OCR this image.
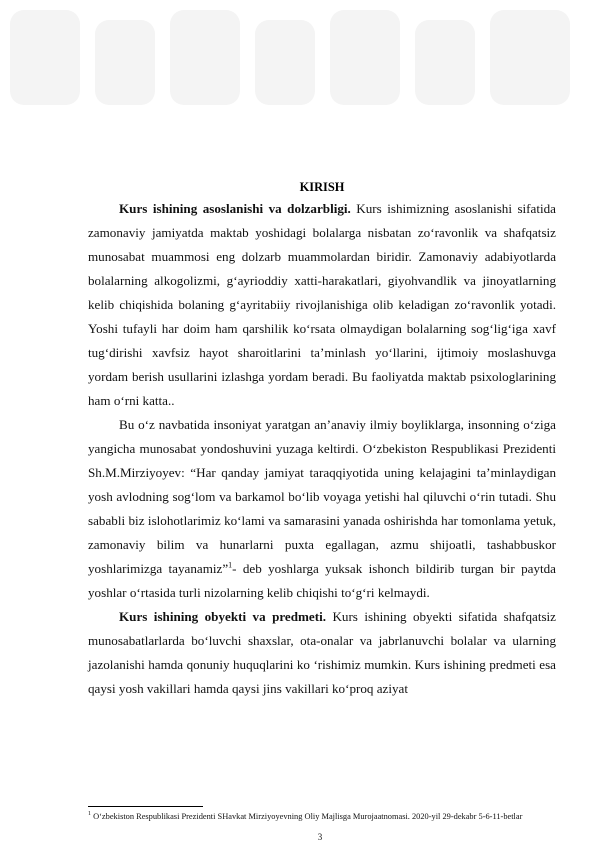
KIRISH

Kurs ishining asoslanishi va dolzarbligi. Kurs ishimizning asoslanishi sifatida zamonaviy jamiyatda maktab yoshidagi bolalarga nisbatan zo‘ravonlik va shafqatsiz munosabat muammosi eng dolzarb muammolardan biridir. Zamonaviy adabiyotlarda bolalarning alkogolizmi, g‘ayrioddiy xatti-harakatlari, giyohvandlik va jinoyatlarning kelib chiqishida bolaning g‘ayritabiiy rivojlanishiga olib keladigan zo‘ravonlik yotadi. Yoshi tufayli har doim ham qarshilik ko‘rsata olmaydigan bolalarning sog‘lig‘iga xavf tug‘dirishi xavfsiz hayot sharoitlarini ta’minlash yo‘llarini, ijtimoiy moslashuvga yordam berish usullarini izlashga yordam beradi. Bu faoliyatda maktab psixologlarining ham o‘rni katta..

Bu o‘z navbatida insoniyat yaratgan an’anaviy ilmiy boyliklarga, insonning o‘ziga yangicha munosabat yondoshuvini yuzaga keltirdi. O‘zbekiston Respublikasi Prezidenti Sh.M.Mirziyoyev: “Har qanday jamiyat taraqqiyotida uning kelajagini ta’minlaydigan yosh avlodning sog‘lom va barkamol bo‘lib voyaga yetishi hal qiluvchi o‘rin tutadi. Shu sababli biz islohotlarimiz ko‘lami va samarasini yanada oshirishda har tomonlama yetuk, zamonaviy bilim va hunarlarni puxta egallagan, azmu shijoatli, tashabbuskor yoshlarimizga tayanamiz”$^1$- deb yoshlarga yuksak ishonch bildirib turgan bir paytda yoshlar o‘rtasida turli nizolarning kelib chiqishi to‘g‘ri kelmaydi.

Kurs ishining obyekti va predmeti. Kurs ishining obyekti sifatida shafqatsiz munosabatlarlarda bo‘luvchi shaxslar, ota-onalar va jabrlanuvchi bolalar va ularning jazolanishi hamda qonuniy huquqlarini ko ‘rishimiz mumkin. Kurs ishining predmeti esa qaysi yosh vakillari hamda qaysi jins vakillari ko‘proq aziyat

$^1$ O‘zbekiston Respublikasi Prezidenti SHavkat Mirziyoyevning Oliy Majlisga Murojaatnomasi. 2020-yil 29-dekabr 5-6-11-betlar
3
